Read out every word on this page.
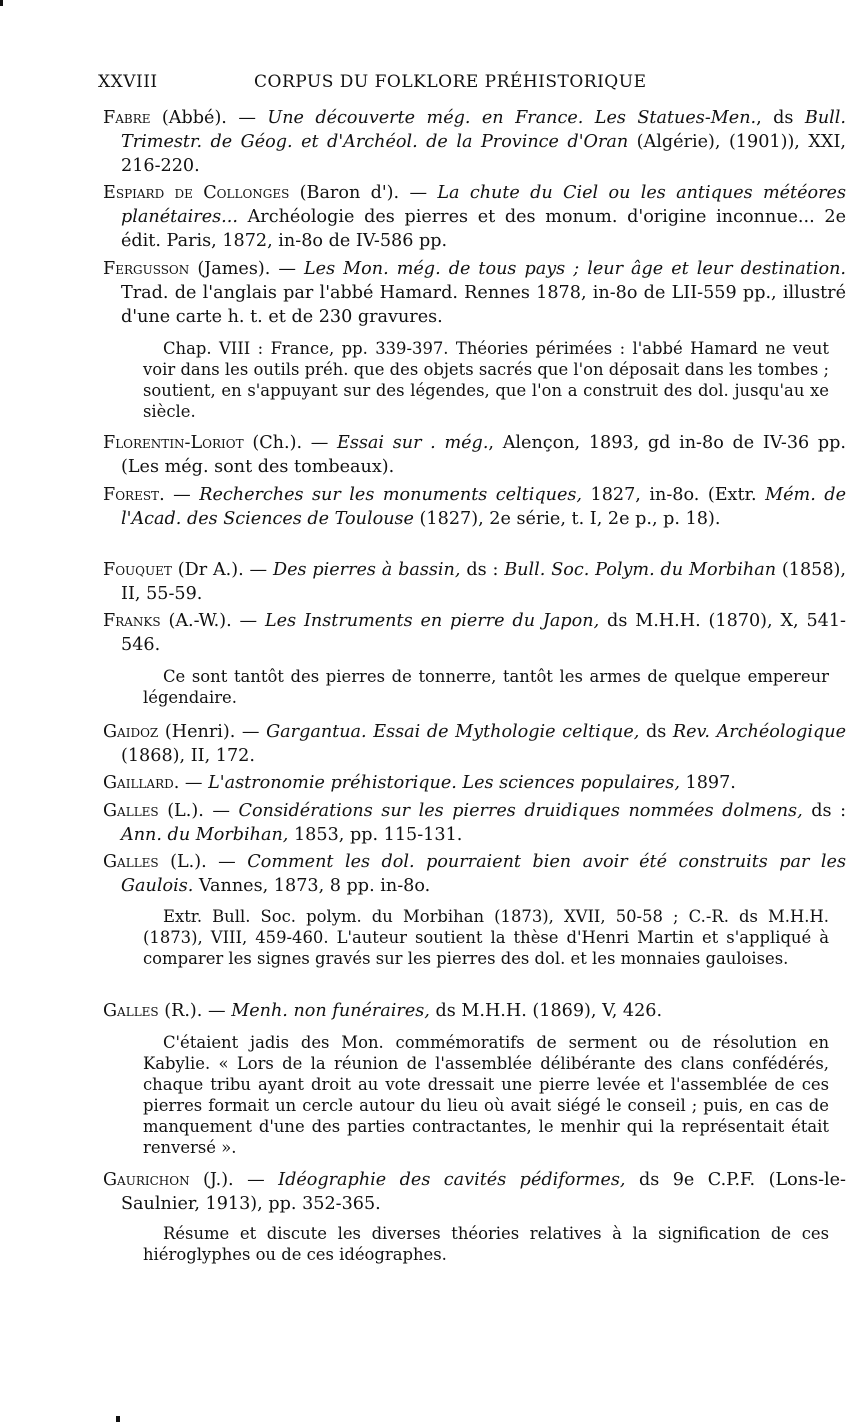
XXVIII	CORPUS DU FOLKLORE PRÉHISTORIQUE
Fabre (Abbé). — Une découverte még. en France. Les Statues-Men., ds Bull. Trimestr. de Géog. et d'Archéol. de la Province d'Oran (Algérie), (1901)), XXI, 216-220.
Espiard de Collonges (Baron d'). — La chute du Ciel ou les antiques météores planétaires... Archéologie des pierres et des monum. d'origine inconnue... 2e édit. Paris, 1872, in-8o de IV-586 pp.
Fergusson (James). — Les Mon. még. de tous pays ; leur âge et leur destination. Trad. de l'anglais par l'abbé Hamard. Rennes 1878, in-8o de LII-559 pp., illustré d'une carte h. t. et de 230 gravures.
Chap. VIII : France, pp. 339-397. Théories périmées : l'abbé Hamard ne veut voir dans les outils préh. que des objets sacrés que l'on déposait dans les tombes ; soutient, en s'appuyant sur des légendes, que l'on a construit des dol. jusqu'au xe siècle.
Florentin-Loriot (Ch.). — Essai sur . még., Alençon, 1893, gd in-8o de IV-36 pp. (Les még. sont des tombeaux).
Forest. — Recherches sur les monuments celtiques, 1827, in-8o. (Extr. Mém. de l'Acad. des Sciences de Toulouse (1827), 2e série, t. I, 2e p., p. 18).
Fouquet (Dr A.). — Des pierres à bassin, ds : Bull. Soc. Polym. du Morbihan (1858), II, 55-59.
Franks (A.-W.). — Les Instruments en pierre du Japon, ds M.H.H. (1870), X, 541-546.
Ce sont tantôt des pierres de tonnerre, tantôt les armes de quelque empereur légendaire.
Gaidoz (Henri). — Gargantua. Essai de Mythologie celtique, ds Rev. Archéologique (1868), II, 172.
Gaillard. — L'astronomie préhistorique. Les sciences populaires, 1897.
Galles (L.). — Considérations sur les pierres druidiques nommées dolmens, ds : Ann. du Morbihan, 1853, pp. 115-131.
Galles (L.). — Comment les dol. pourraient bien avoir été construits par les Gaulois. Vannes, 1873, 8 pp. in-8o.
Extr. Bull. Soc. polym. du Morbihan (1873), XVII, 50-58 ; C.-R. ds M.H.H. (1873), VIII, 459-460. L'auteur soutient la thèse d'Henri Martin et s'appliqué à comparer les signes gravés sur les pierres des dol. et les monnaies gauloises.
Galles (R.). — Menh. non funéraires, ds M.H.H. (1869), V, 426.
C'étaient jadis des Mon. commémoratifs de serment ou de résolution en Kabylie. « Lors de la réunion de l'assemblée délibérante des clans confédérés, chaque tribu ayant droit au vote dressait une pierre levée et l'assemblée de ces pierres formait un cercle autour du lieu où avait siégé le conseil ; puis, en cas de manquement d'une des parties contractantes, le menhir qui la représentait était renversé ».
Gaurichon (J.). — Idéographie des cavités pédiformes, ds 9e C.P.F. (Lons-le-Saulnier, 1913), pp. 352-365.
Résume et discute les diverses théories relatives à la signification de ces hiéroglyphes ou de ces idéographes.
